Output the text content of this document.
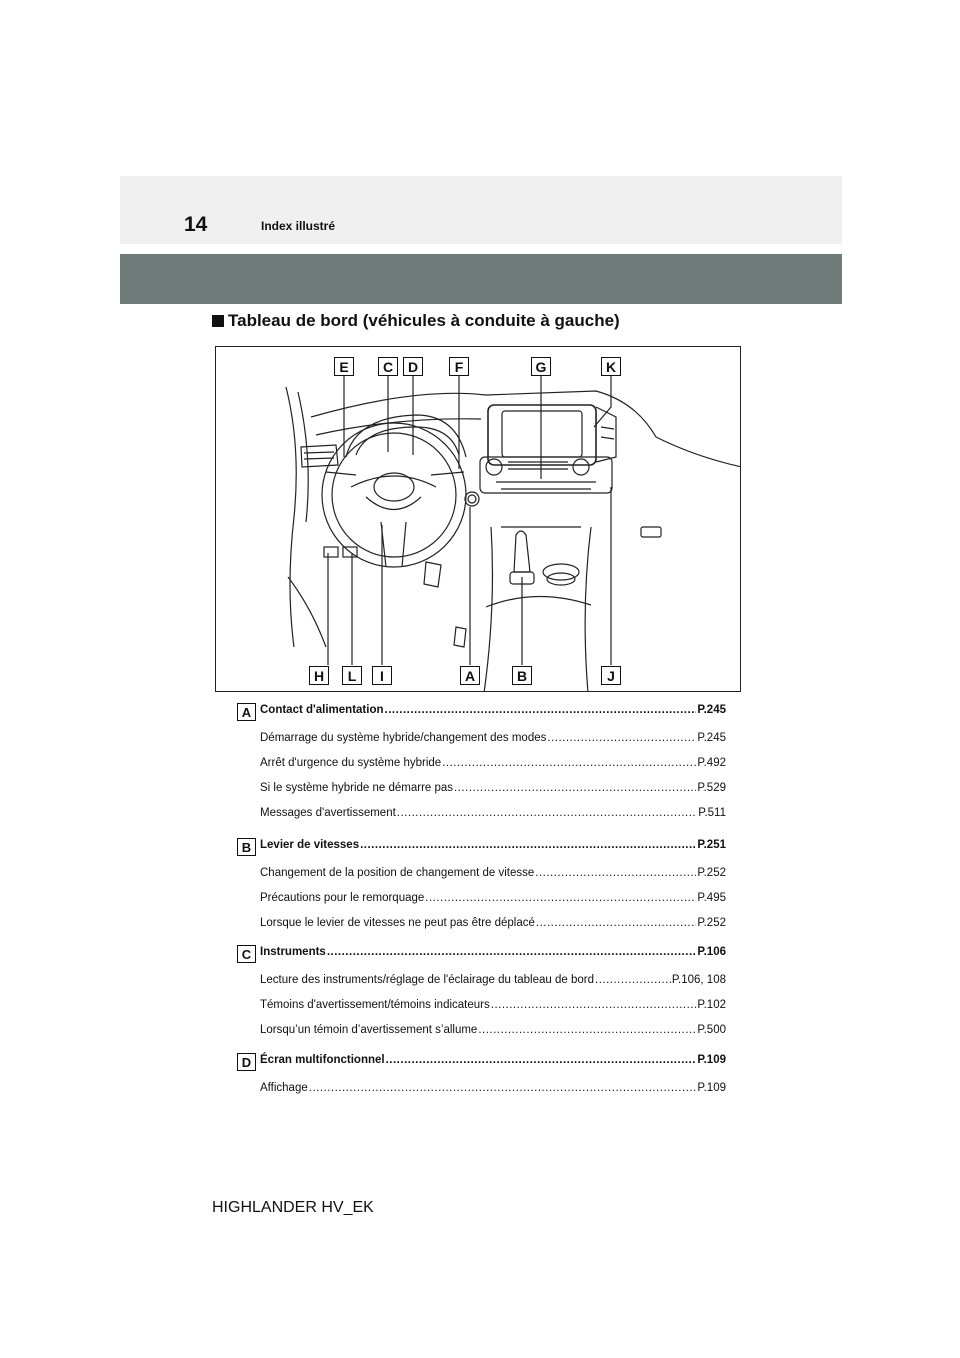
14	Index illustré
Tableau de bord (véhicules à conduite à gauche)
E	C	D	F	G	K
H	L	I	A	B	J
A Contact d'alimentation .....	P.245
Démarrage du système hybride/changement des modes .....	P.245
Arrêt d'urgence du système hybride .....	P.492
Si le système hybride ne démarre pas .....	P.529
Messages d'avertissement .....	P.511
B Levier de vitesses .....	P.251
Changement de la position de changement de vitesse .....	P.252
Précautions pour le remorquage .....	P.495
Lorsque le levier de vitesses ne peut pas être déplacé .....	P.252
C Instruments .....	P.106
Lecture des instruments/réglage de l'éclairage du tableau de bord .....	P.106, 108
Témoins d'avertissement/témoins indicateurs .....	P.102
Lorsqu’un témoin d’avertissement s’allume .....	P.500
D Écran multifonctionnel .....	P.109
Affichage .....	P.109
HIGHLANDER HV_EK
